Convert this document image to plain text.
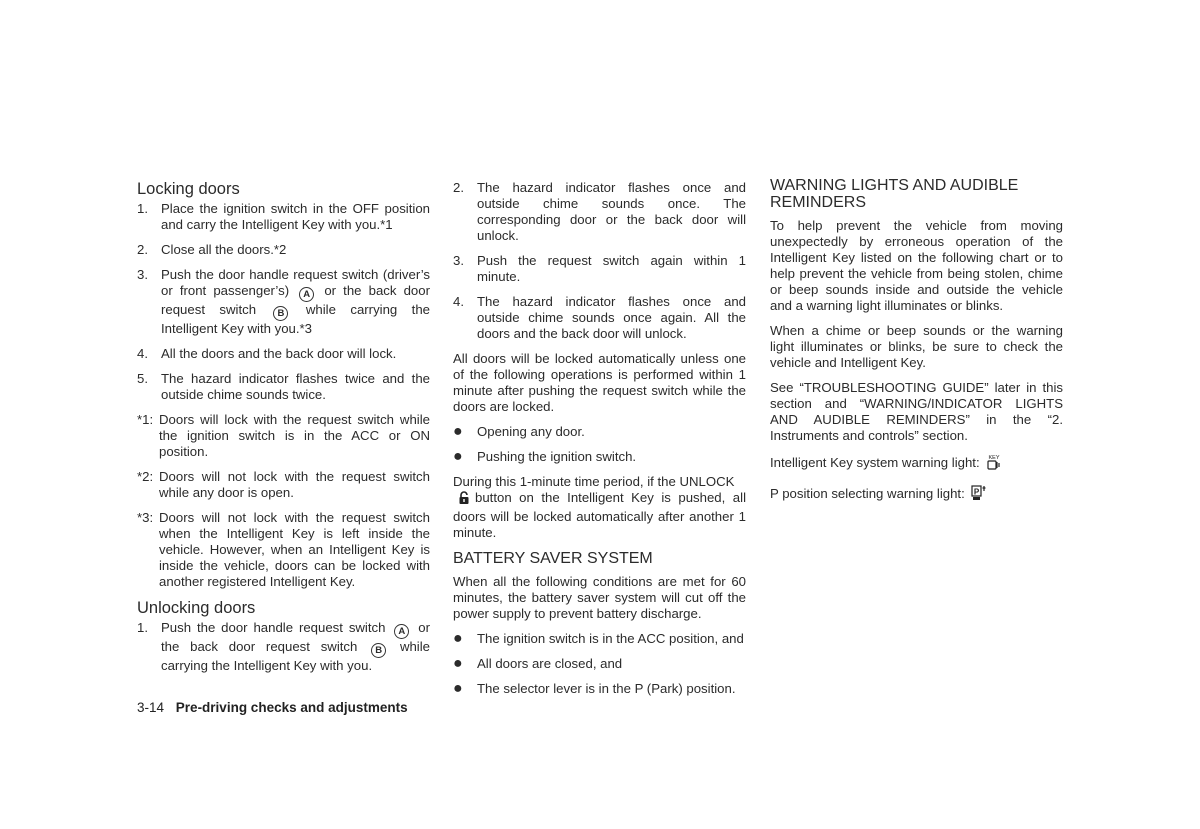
Locking doors
1. Place the ignition switch in the OFF position and carry the Intelligent Key with you.*1
2. Close all the doors.*2
3. Push the door handle request switch (driver’s or front passenger’s) A or the back door request switch B while carrying the Intelligent Key with you.*3
4. All the doors and the back door will lock.
5. The hazard indicator flashes twice and the outside chime sounds twice.
*1: Doors will lock with the request switch while the ignition switch is in the ACC or ON position.
*2: Doors will not lock with the request switch while any door is open.
*3: Doors will not lock with the request switch when the Intelligent Key is left inside the vehicle. However, when an Intelligent Key is inside the vehicle, doors can be locked with another registered Intelligent Key.
Unlocking doors
1. Push the door handle request switch A or the back door request switch B while carrying the Intelligent Key with you.
2. The hazard indicator flashes once and outside chime sounds once. The corresponding door or the back door will unlock.
3. Push the request switch again within 1 minute.
4. The hazard indicator flashes once and outside chime sounds once again. All the doors and the back door will unlock.

All doors will be locked automatically unless one of the following operations is performed within 1 minute after pushing the request switch while the doors are locked.

●	Opening any door.
●	Pushing the ignition switch.

During this 1-minute time period, if the UNLOCK
button on the Intelligent Key is pushed, all doors will be locked automatically after another 1 minute.

BATTERY SAVER SYSTEM

When all the following conditions are met for 60 minutes, the battery saver system will cut off the power supply to prevent battery discharge.

●	The ignition switch is in the ACC position, and
●	All doors are closed, and
●	The selector lever is in the P (Park) position.
WARNING LIGHTS AND AUDIBLE REMINDERS

To help prevent the vehicle from moving unexpectedly by erroneous operation of the Intelligent Key listed on the following chart or to help prevent the vehicle from being stolen, chime or beep sounds inside and outside the vehicle and a warning light illuminates or blinks.

When a chime or beep sounds or the warning light illuminates or blinks, be sure to check the vehicle and Intelligent Key.

See “TROUBLESHOOTING GUIDE” later in this section and “WARNING/INDICATOR LIGHTS AND AUDIBLE REMINDERS” in the “2. Instruments and controls” section.

Intelligent Key system warning light: KEY

P position selecting warning light: P

3-14 Pre-driving checks and adjustments
